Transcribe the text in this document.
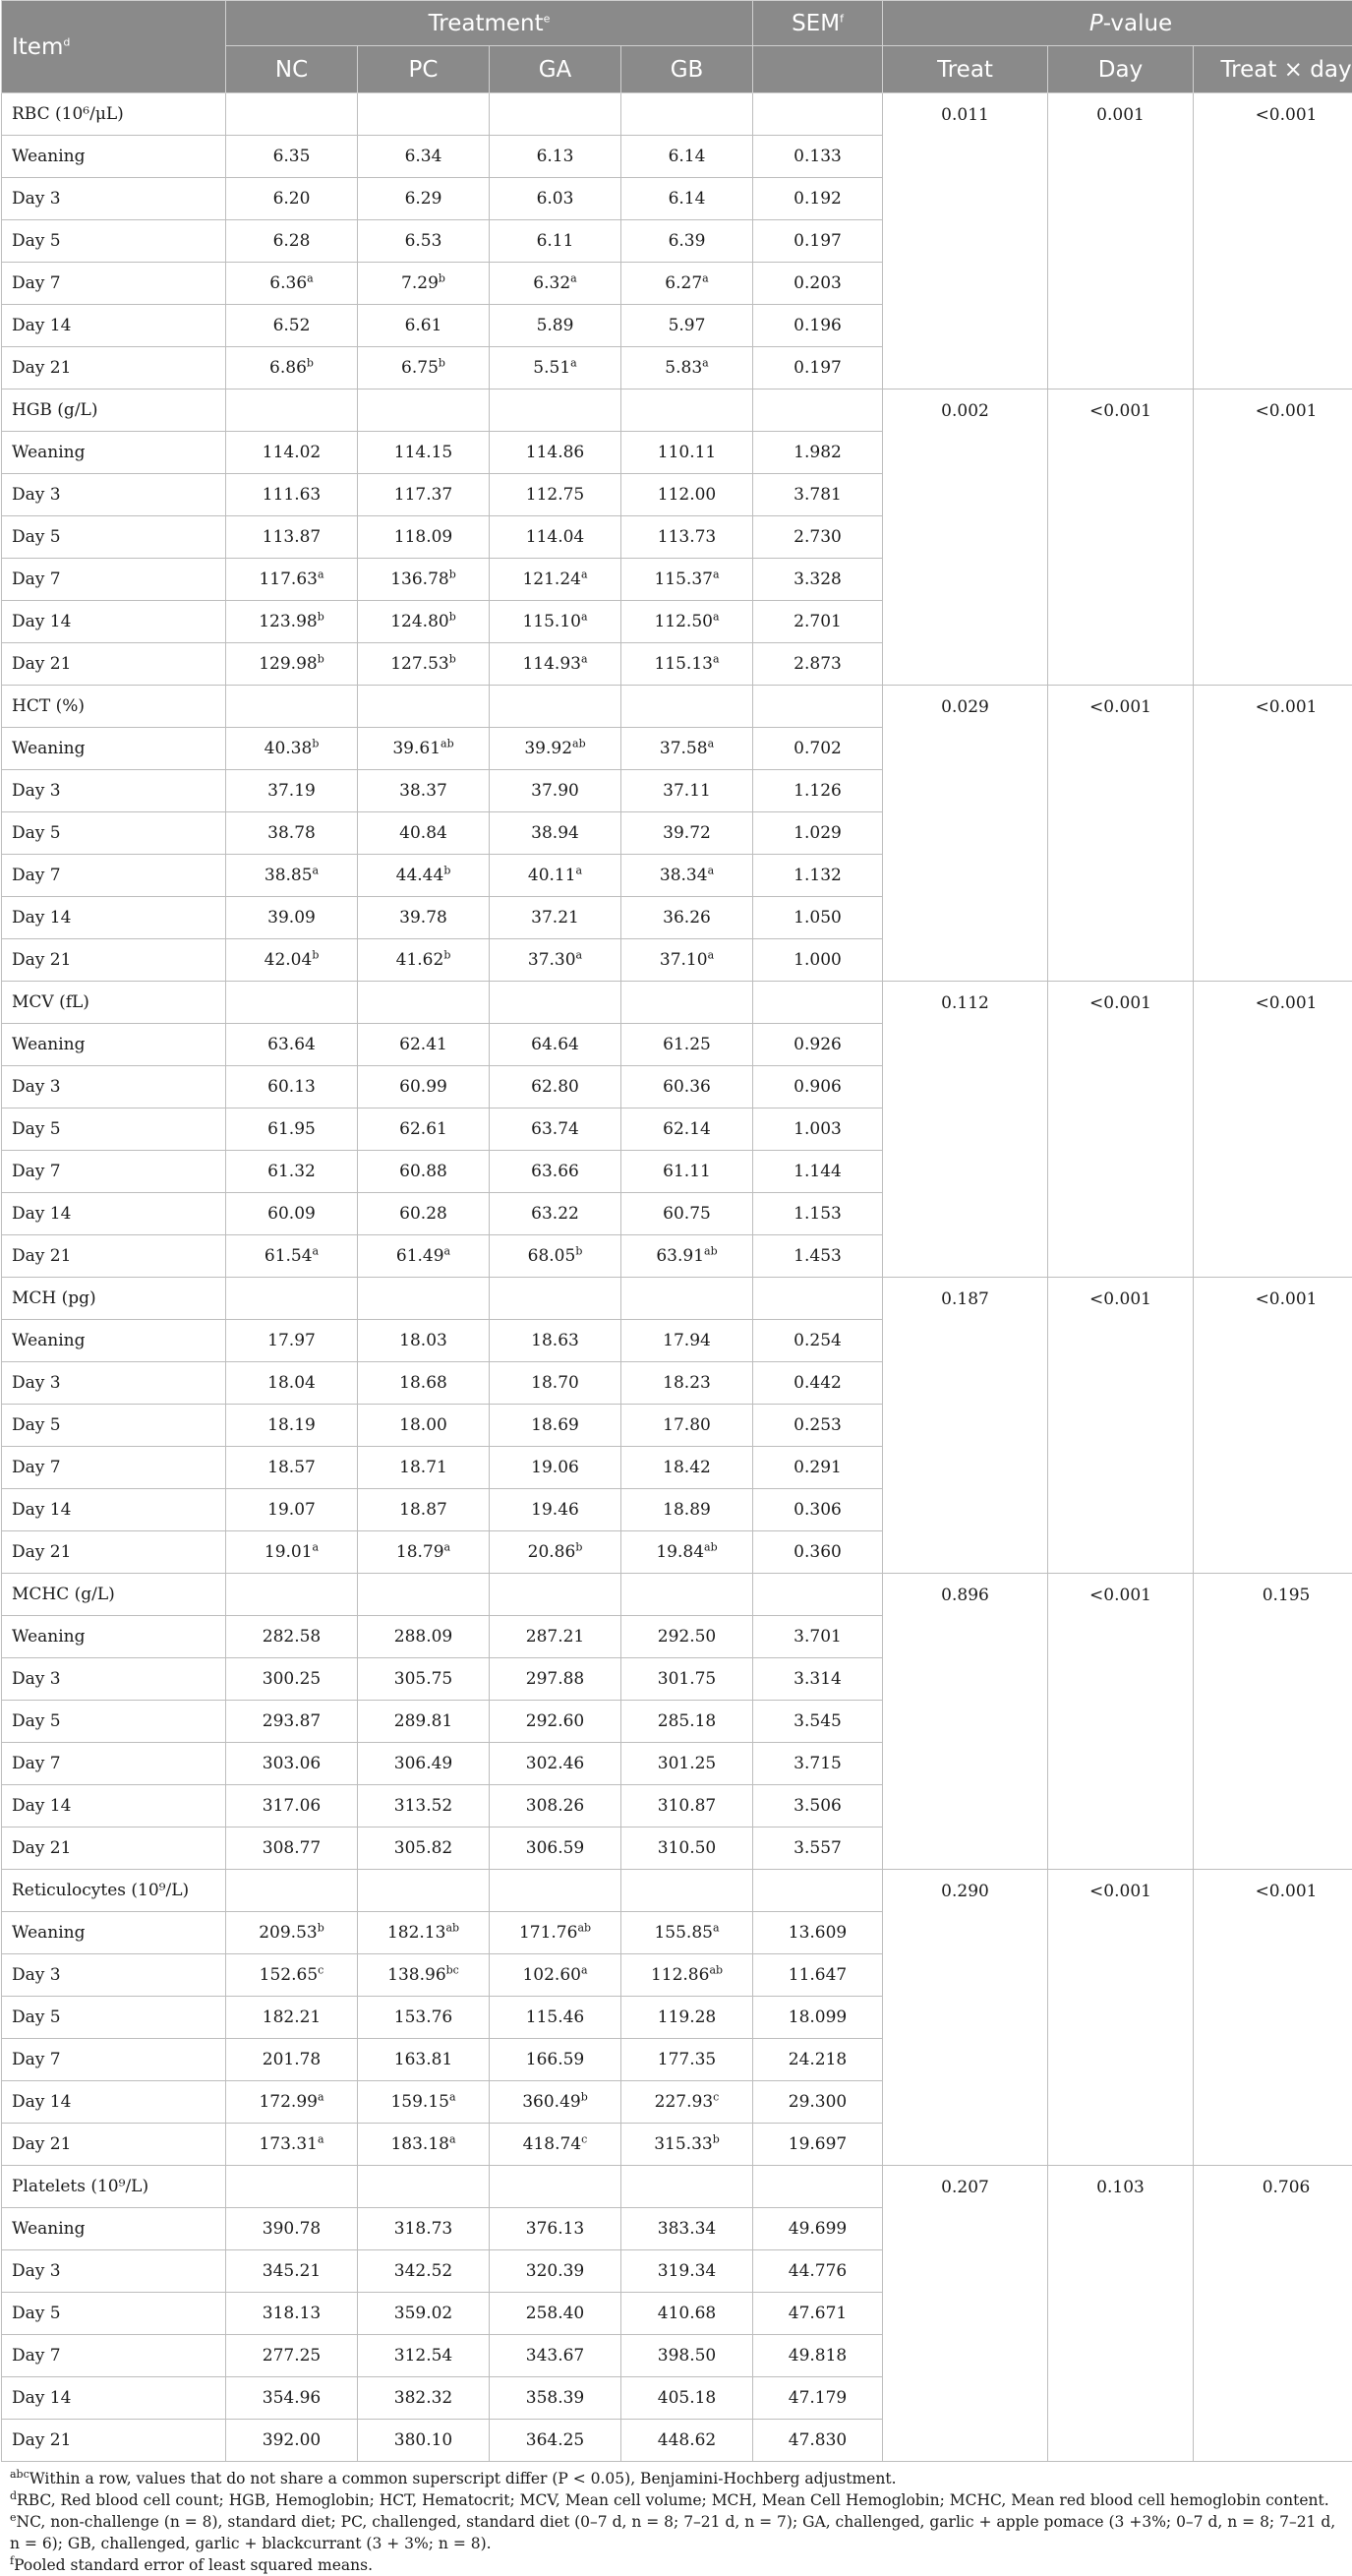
Item$^d$	Treatment$^e$				SEM$^f$	P-value		
	NC	PC	GA	GB		Treat	Day	Treat × day
RBC (10⁶/μL)						0.011	0.001	<0.001
Weaning	6.35	6.34	6.13	6.14	0.133			
Day 3	6.20	6.29	6.03	6.14	0.192			
Day 5	6.28	6.53	6.11	6.39	0.197			
Day 7	6.36$^a$	7.29$^b$	6.32$^a$	6.27$^a$	0.203			
Day 14	6.52	6.61	5.89	5.97	0.196			
Day 21	6.86$^b$	6.75$^b$	5.51$^a$	5.83$^a$	0.197			
HGB (g/L)						0.002	<0.001	<0.001
Weaning	114.02	114.15	114.86	110.11	1.982			
Day 3	111.63	117.37	112.75	112.00	3.781			
Day 5	113.87	118.09	114.04	113.73	2.730			
Day 7	117.63$^a$	136.78$^b$	121.24$^a$	115.37$^a$	3.328			
Day 14	123.98$^b$	124.80$^b$	115.10$^a$	112.50$^a$	2.701			
Day 21	129.98$^b$	127.53$^b$	114.93$^a$	115.13$^a$	2.873			
HCT (%)						0.029	<0.001	<0.001
Weaning	40.38$^b$	39.61$^{ab}$	39.92$^{ab}$	37.58$^a$	0.702			
Day 3	37.19	38.37	37.90	37.11	1.126			
Day 5	38.78	40.84	38.94	39.72	1.029			
Day 7	38.85$^a$	44.44$^b$	40.11$^a$	38.34$^a$	1.132			
Day 14	39.09	39.78	37.21	36.26	1.050			
Day 21	42.04$^b$	41.62$^b$	37.30$^a$	37.10$^a$	1.000			
MCV (fL)						0.112	<0.001	<0.001
Weaning	63.64	62.41	64.64	61.25	0.926			
Day 3	60.13	60.99	62.80	60.36	0.906			
Day 5	61.95	62.61	63.74	62.14	1.003			
Day 7	61.32	60.88	63.66	61.11	1.144			
Day 14	60.09	60.28	63.22	60.75	1.153			
Day 21	61.54$^a$	61.49$^a$	68.05$^b$	63.91$^{ab}$	1.453			
MCH (pg)						0.187	<0.001	<0.001
Weaning	17.97	18.03	18.63	17.94	0.254			
Day 3	18.04	18.68	18.70	18.23	0.442			
Day 5	18.19	18.00	18.69	17.80	0.253			
Day 7	18.57	18.71	19.06	18.42	0.291			
Day 14	19.07	18.87	19.46	18.89	0.306			
Day 21	19.01$^a$	18.79$^a$	20.86$^b$	19.84$^{ab}$	0.360			
MCHC (g/L)						0.896	<0.001	0.195
Weaning	282.58	288.09	287.21	292.50	3.701			
Day 3	300.25	305.75	297.88	301.75	3.314			
Day 5	293.87	289.81	292.60	285.18	3.545			
Day 7	303.06	306.49	302.46	301.25	3.715			
Day 14	317.06	313.52	308.26	310.87	3.506			
Day 21	308.77	305.82	306.59	310.50	3.557			
Reticulocytes (10⁹/L)						0.290	<0.001	<0.001
Weaning	209.53$^b$	182.13$^{ab}$	171.76$^{ab}$	155.85$^a$	13.609			
Day 3	152.65$^c$	138.96$^{bc}$	102.60$^a$	112.86$^{ab}$	11.647			
Day 5	182.21	153.76	115.46	119.28	18.099			
Day 7	201.78	163.81	166.59	177.35	24.218			
Day 14	172.99$^a$	159.15$^a$	360.49$^b$	227.93$^c$	29.300			
Day 21	173.31$^a$	183.18$^a$	418.74$^c$	315.33$^b$	19.697			
Platelets (10⁹/L)						0.207	0.103	0.706
Weaning	390.78	318.73	376.13	383.34	49.699			
Day 3	345.21	342.52	320.39	319.34	44.776			
Day 5	318.13	359.02	258.40	410.68	47.671			
Day 7	277.25	312.54	343.67	398.50	49.818			
Day 14	354.96	382.32	358.39	405.18	47.179			
Day 21	392.00	380.10	364.25	448.62	47.830			

$^{abc}$Within a row, values that do not share a common superscript differ (P < 0.05), Benjamini-Hochberg adjustment.

$^d$RBC, Red blood cell count; HGB, Hemoglobin; HCT, Hematocrit; MCV, Mean cell volume; MCH, Mean Cell Hemoglobin; MCHC, Mean red blood cell hemoglobin content.

$^e$NC, non-challenge (n = 8), standard diet; PC, challenged, standard diet (0–7 d, n = 8; 7–21 d, n = 7); GA, challenged, garlic + apple pomace (3 +3%; 0–7 d, n = 8; 7–21 d, n = 6); GB, challenged, garlic + blackcurrant (3 + 3%; n = 8).

$^f$Pooled standard error of least squared means.
